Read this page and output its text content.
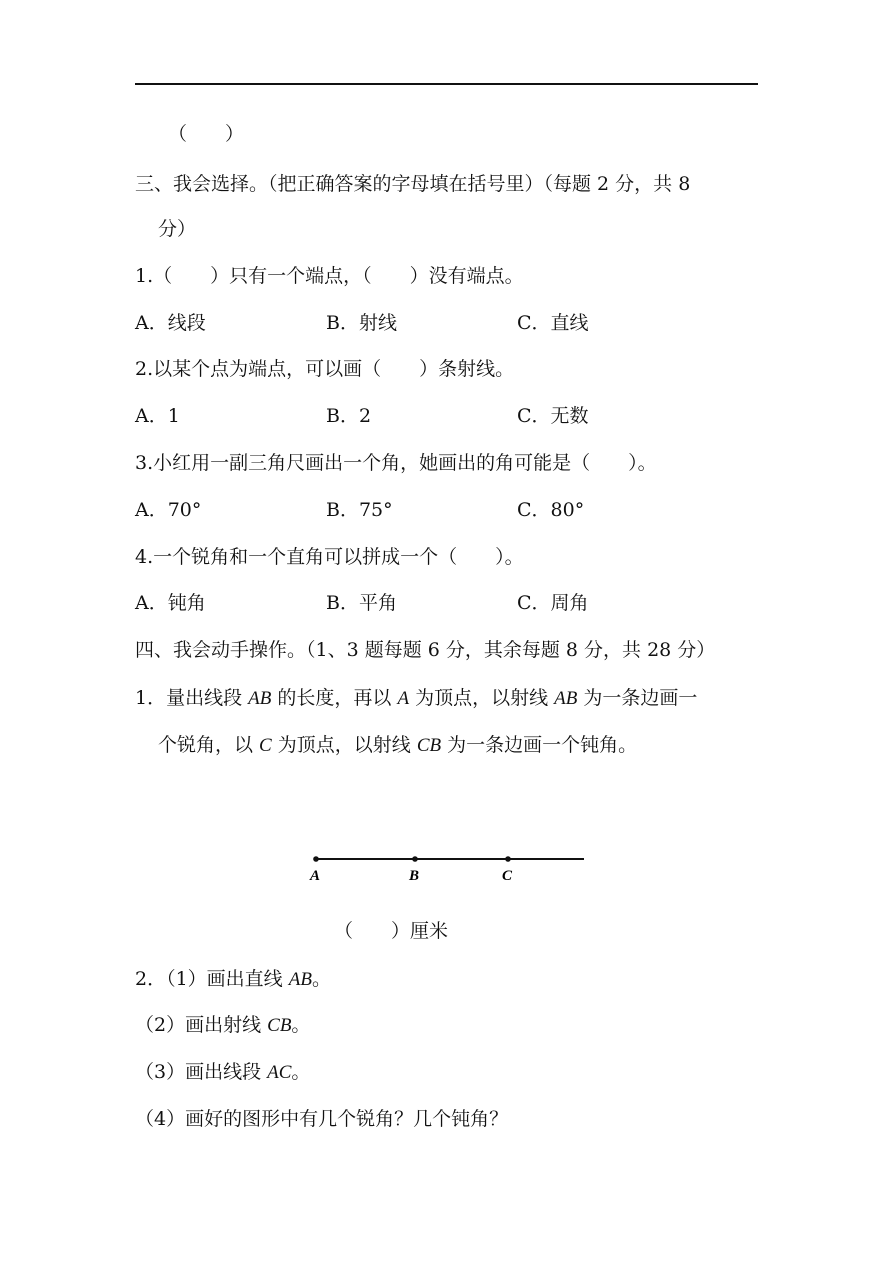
（　　）
三、我会选择。（把正确答案的字母填在括号里）（每题 2 分，共 8
分）
1.（　　）只有一个端点，（　　）没有端点。
A．线段	B．射线	C．直线
2.以某个点为端点，可以画（　　）条射线。
A．1	B．2	C．无数
3.小红用一副三角尺画出一个角，她画出的角可能是（　　）。
A．70°	B．75°	C．80°
4.一个锐角和一个直角可以拼成一个（　　）。
A．钝角	B．平角	C．周角
四、我会动手操作。（1、3 题每题 6 分，其余每题 8 分，共 28 分）
1．量出线段 AB 的长度，再以 A 为顶点，以射线 AB 为一条边画一
个锐角，以 C 为顶点，以射线 CB 为一条边画一个钝角。
A	B	C
（　　）厘米
2．（1）画出直线 AB。
（2）画出射线 CB。
（3）画出线段 AC。
（4）画好的图形中有几个锐角？几个钝角？
